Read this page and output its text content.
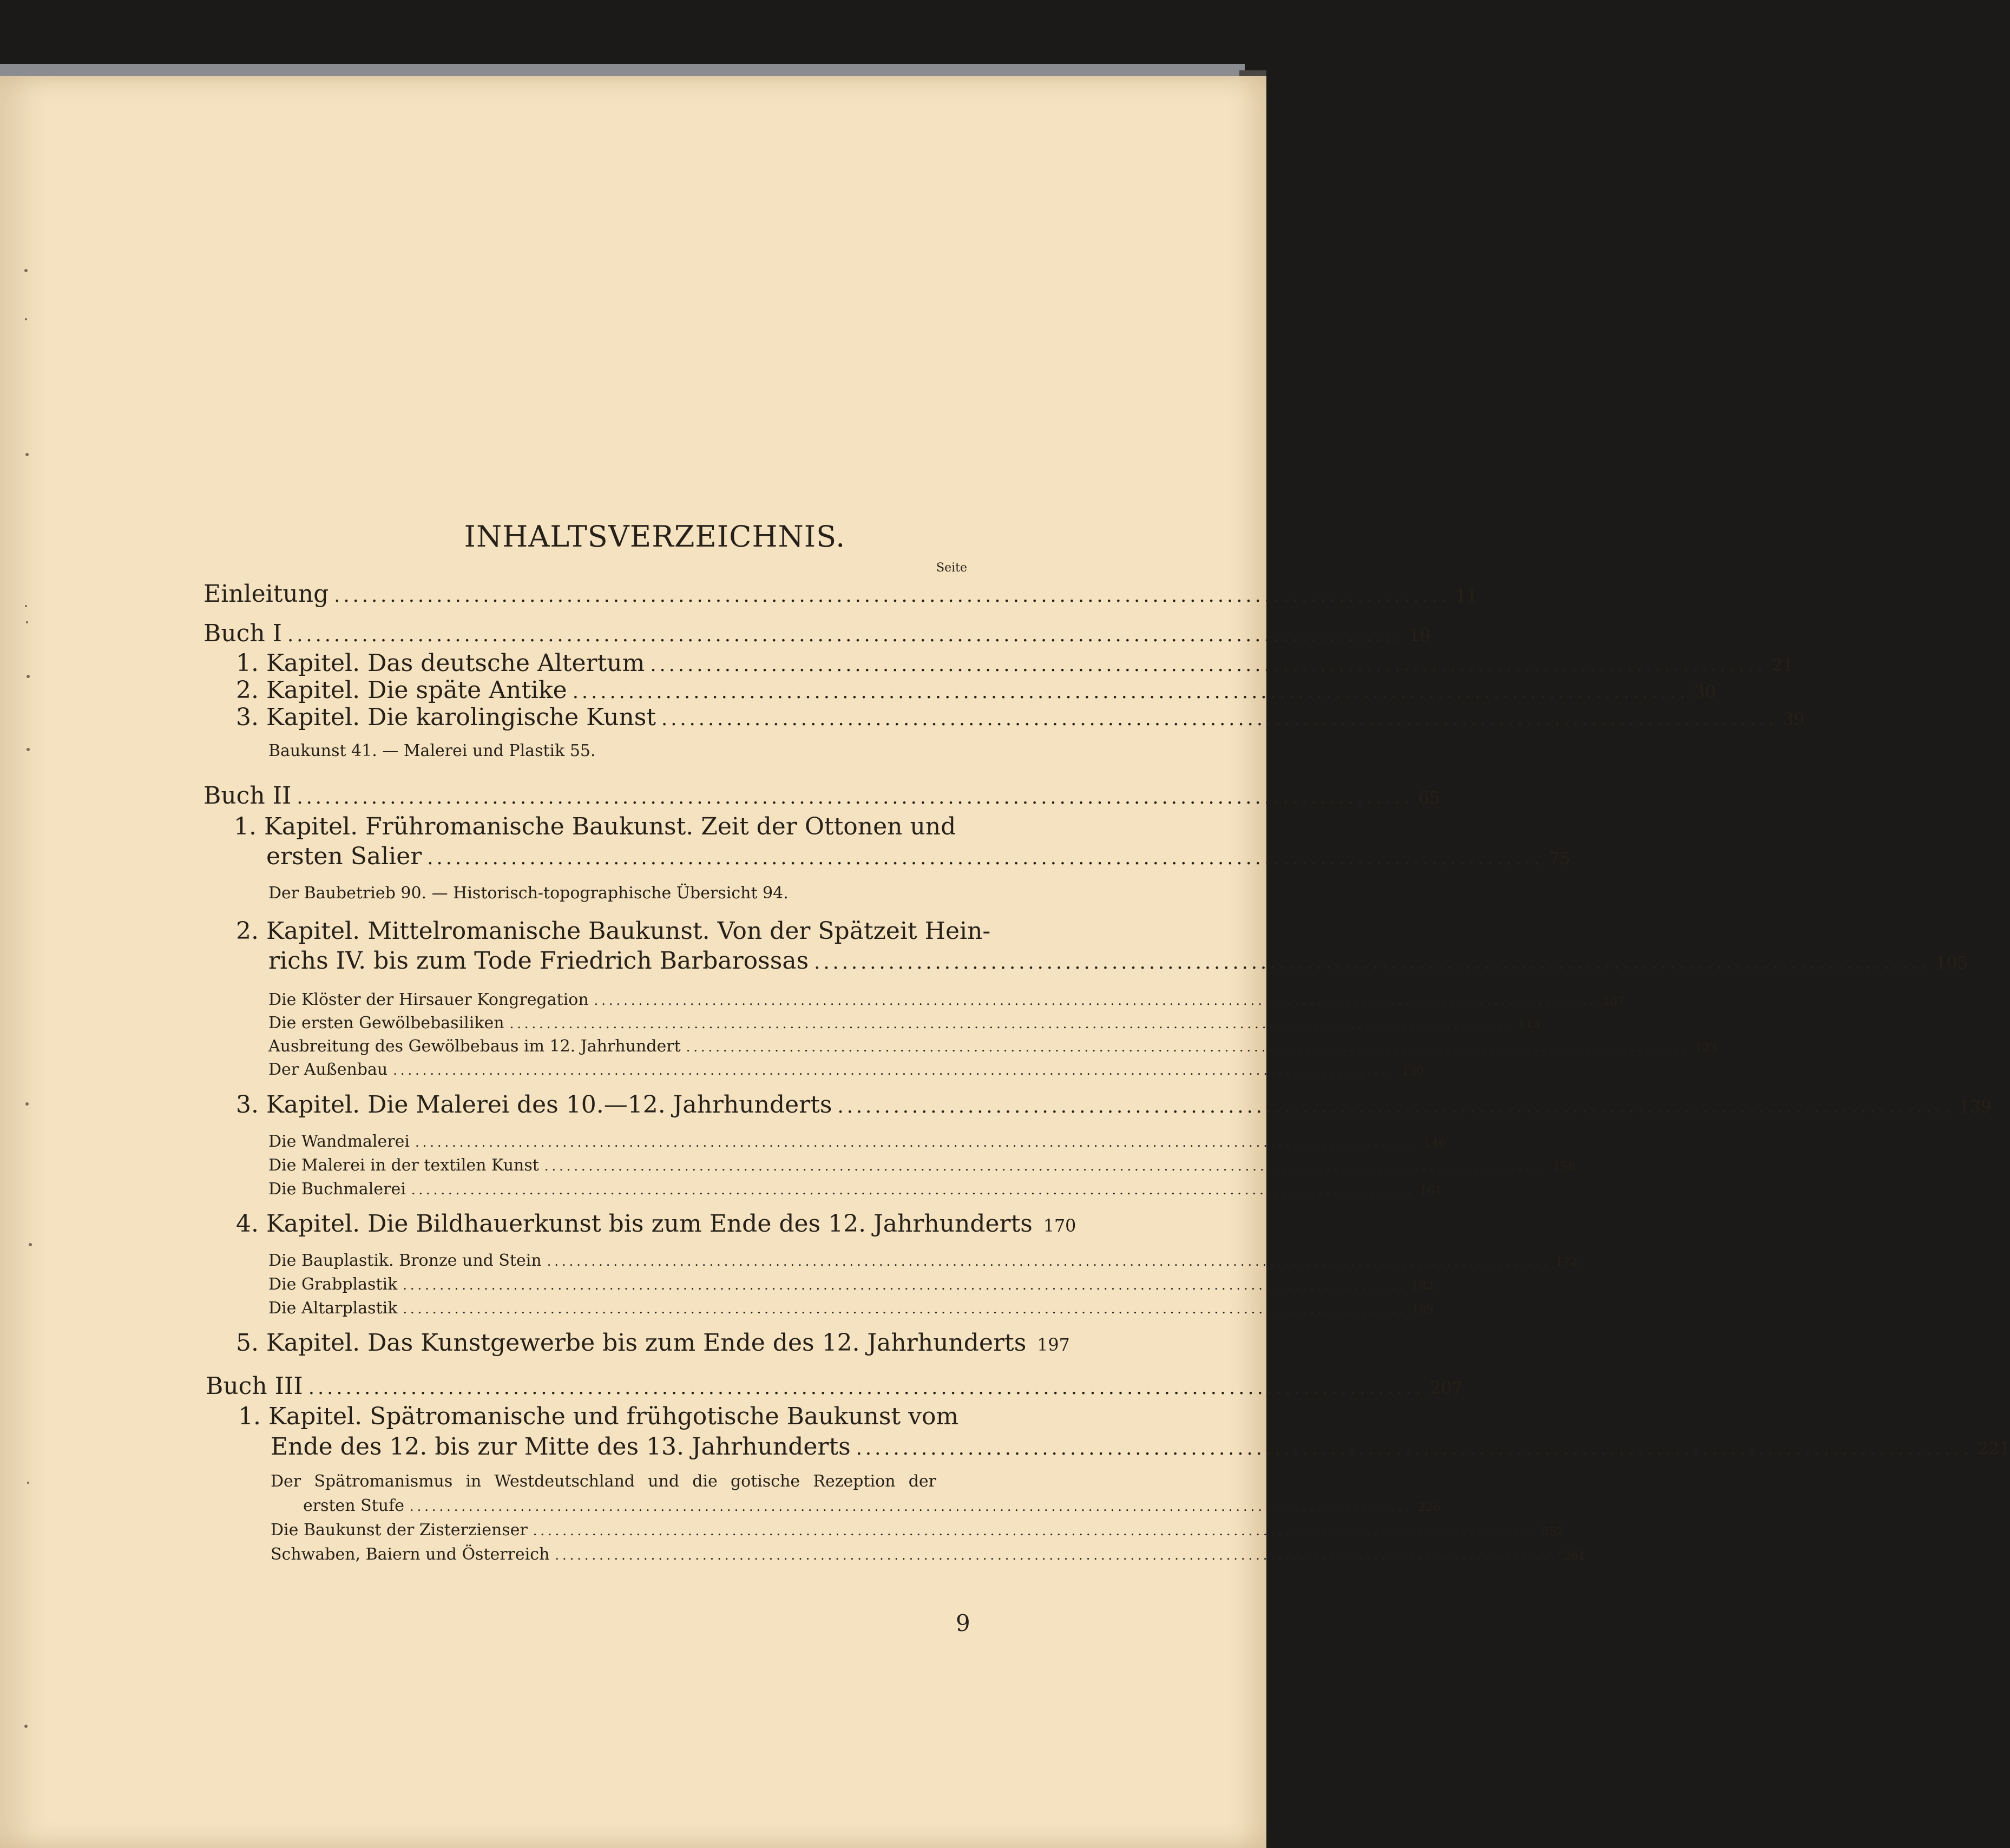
INHALTSVERZEICHNIS.
Seite
Einleitung ........................................................................................................................ 11
Buch I ........................................................................................................................ 19
1. Kapitel. Das deutsche Altertum ........................................................................................................................ 21
2. Kapitel. Die späte Antike ........................................................................................................................ 30
3. Kapitel. Die karolingische Kunst ........................................................................................................................ 39
Baukunst 41. — Malerei und Plastik 55.
Buch II ........................................................................................................................ 65
1. Kapitel. Frühromanische Baukunst. Zeit der Ottonen und
ersten Salier ........................................................................................................................ 75
Der Baubetrieb 90. — Historisch-topographische Übersicht 94.
2. Kapitel. Mittelromanische Baukunst. Von der Spätzeit Hein-
richs IV. bis zum Tode Friedrich Barbarossas ........................................................................................................................ 105
Die Klöster der Hirsauer Kongregation ........................................................................................................................................ 107
Die ersten Gewölbebasiliken ........................................................................................................................................ 113
Ausbreitung des Gewölbebaus im 12. Jahrhundert ........................................................................................................................................ 123
Der Außenbau ........................................................................................................................................ 130
3. Kapitel. Die Malerei des 10.—12. Jahrhunderts ........................................................................................................................ 139
Die Wandmalerei ........................................................................................................................................ 146
Die Malerei in der textilen Kunst ........................................................................................................................................ 158
Die Buchmalerei ........................................................................................................................................ 161
4. Kapitel. Die Bildhauerkunst bis zum Ende des 12. Jahrhunderts 170
Die Bauplastik. Bronze und Stein ........................................................................................................................................ 172
Die Grabplastik ........................................................................................................................................ 182
Die Altarplastik ........................................................................................................................................ 189
5. Kapitel. Das Kunstgewerbe bis zum Ende des 12. Jahrhunderts 197
Buch III ........................................................................................................................ 207
1. Kapitel. Spätromanische und frühgotische Baukunst vom
Ende des 12. bis zur Mitte des 13. Jahrhunderts ........................................................................................................................ 221
Der Spätromanismus in Westdeutschland und die gotische Rezeption der
ersten Stufe ........................................................................................................................................ 226
Die Baukunst der Zisterzienser ........................................................................................................................................ 252
Schwaben, Baiern und Österreich ........................................................................................................................................ 261
9
